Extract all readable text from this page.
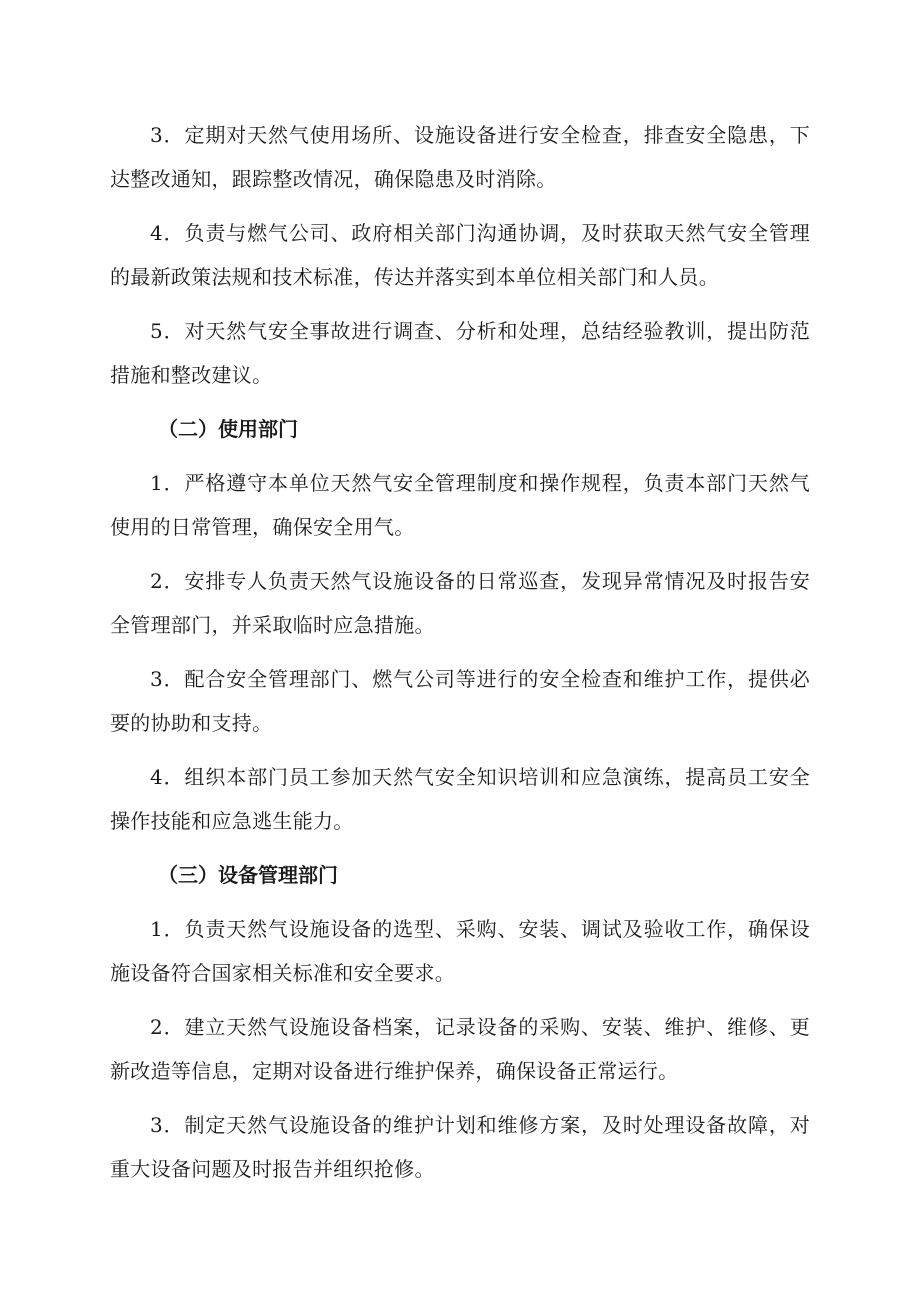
3．定期对天然气使用场所、设施设备进行安全检查，排查安全隐患，下达整改通知，跟踪整改情况，确保隐患及时消除。

4．负责与燃气公司、政府相关部门沟通协调，及时获取天然气安全管理的最新政策法规和技术标准，传达并落实到本单位相关部门和人员。

5．对天然气安全事故进行调查、分析和处理，总结经验教训，提出防范措施和整改建议。

（二）使用部门

1．严格遵守本单位天然气安全管理制度和操作规程，负责本部门天然气使用的日常管理，确保安全用气。

2．安排专人负责天然气设施设备的日常巡查，发现异常情况及时报告安全管理部门，并采取临时应急措施。

3．配合安全管理部门、燃气公司等进行的安全检查和维护工作，提供必要的协助和支持。

4．组织本部门员工参加天然气安全知识培训和应急演练，提高员工安全操作技能和应急逃生能力。

（三）设备管理部门

1．负责天然气设施设备的选型、采购、安装、调试及验收工作，确保设施设备符合国家相关标准和安全要求。

2．建立天然气设施设备档案，记录设备的采购、安装、维护、维修、更新改造等信息，定期对设备进行维护保养，确保设备正常运行。

3．制定天然气设施设备的维护计划和维修方案，及时处理设备故障，对重大设备问题及时报告并组织抢修。
